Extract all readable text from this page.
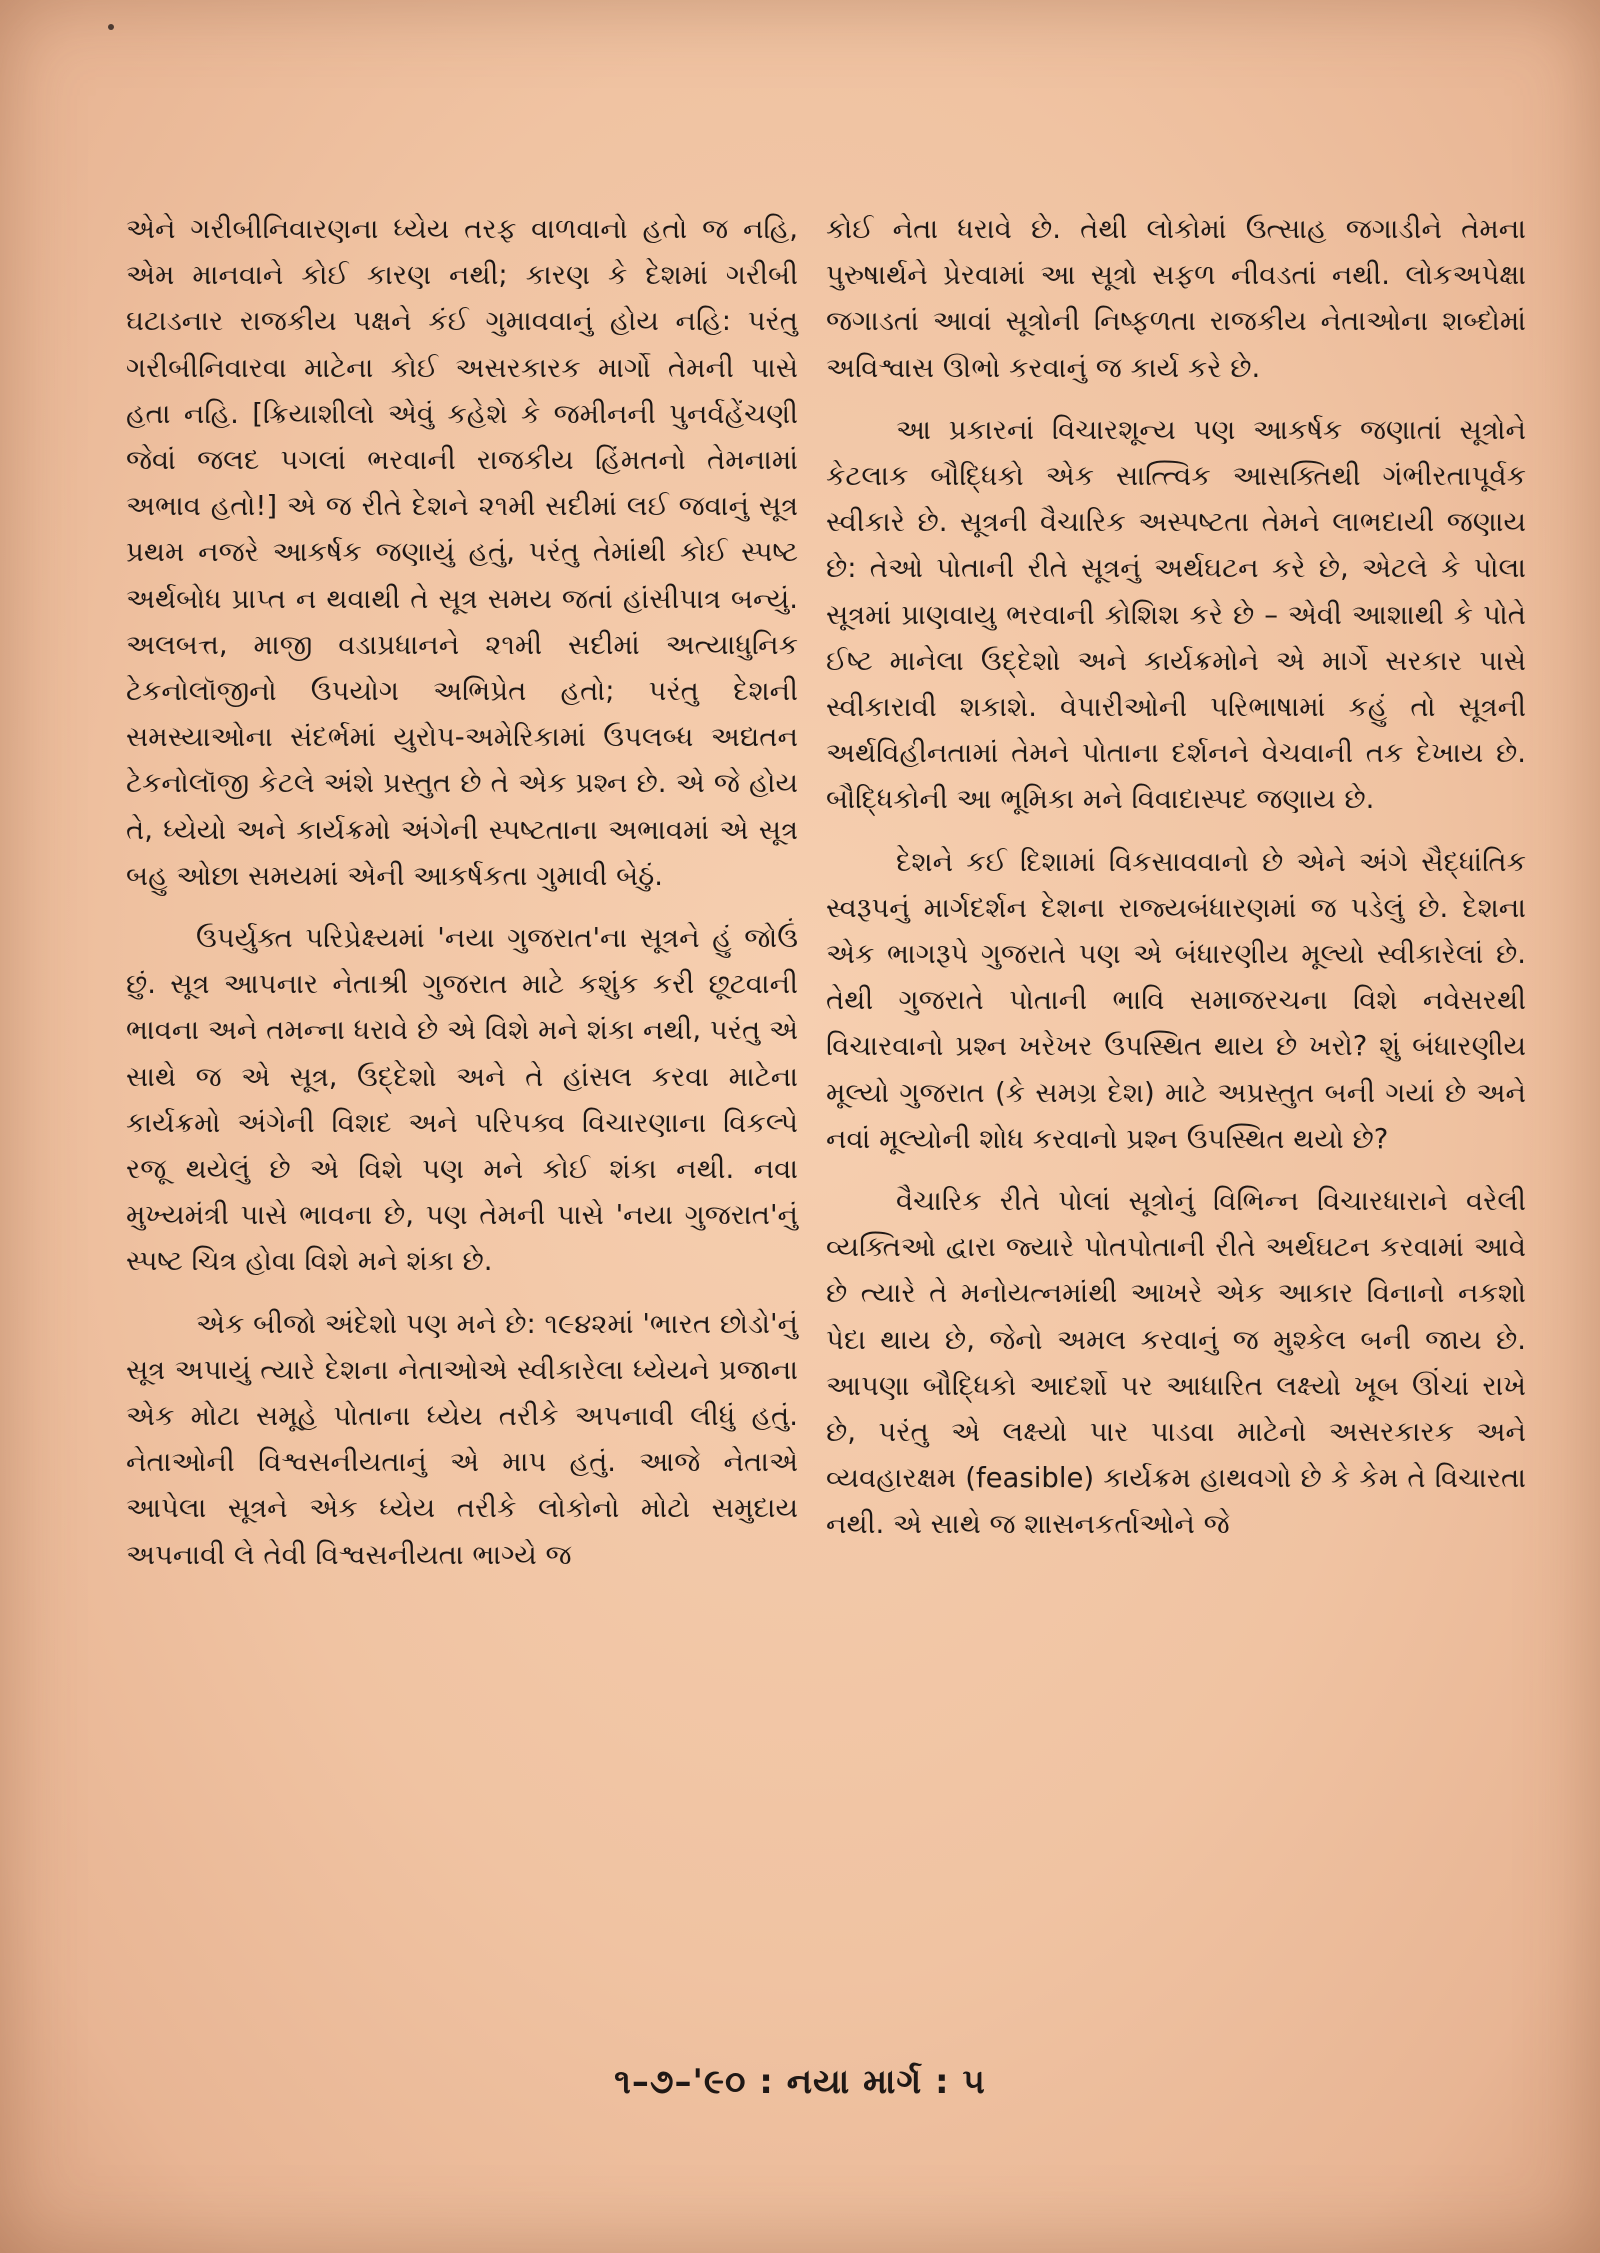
એને ગરીબીનિવારણના ધ્યેય તરફ વાળવાનો હતો જ નહિ, એમ માનવાને કોઈ કારણ નથી; કારણ કે દેશમાં ગરીબી ઘટાડનાર રાજકીય પક્ષને કંઈ ગુમાવવાનું હોય નહિ: પરંતુ ગરીબીનિવારવા માટેના કોઈ અસરકારક માર્ગો તેમની પાસે હતા નહિ. [ક્રિયાશીલો એવું કહેશે કે જમીનની પુનર્વહેંચણી જેવાં જલદ પગલાં ભરવાની રાજકીય હિંમતનો તેમનામાં અભાવ હતો!] એ જ રીતે દેશને ૨૧મી સદીમાં લઈ જવાનું સૂત્ર પ્રથમ નજરે આકર્ષક જણાયું હતું, પરંતુ તેમાંથી કોઈ સ્પષ્ટ અર્થબોધ પ્રાપ્ત ન થવાથી તે સૂત્ર સમય જતાં હાંસીપાત્ર બન્યું. અલબત્ત, માજી વડાપ્રધાનને ૨૧મી સદીમાં અત્યાધુનિક ટેકનોલૉજીનો ઉપયોગ અભિપ્રેત હતો; પરંતુ દેશની સમસ્યાઓના સંદર્ભમાં યુરોપ-અમેરિકામાં ઉપલબ્ધ અદ્યતન ટેકનોલૉજી કેટલે અંશે પ્રસ્તુત છે તે એક પ્રશ્ન છે. એ જે હોય તે, ધ્યેયો અને કાર્યક્રમો અંગેની સ્પષ્ટતાના અભાવમાં એ સૂત્ર બહુ ઓછા સમયમાં એની આકર્ષકતા ગુમાવી બેઠું.

ઉપર્યુક્ત પરિપ્રેક્ષ્યમાં 'નયા ગુજરાત'ના સૂત્રને હું જોઉં છું. સૂત્ર આપનાર નેતાશ્રી ગુજરાત માટે કશુંક કરી છૂટવાની ભાવના અને તમન્ના ધરાવે છે એ વિશે મને શંકા નથી, પરંતુ એ સાથે જ એ સૂત્ર, ઉદ્દેશો અને તે હાંસલ કરવા માટેના કાર્યક્રમો અંગેની વિશદ અને પરિપક્વ વિચારણાના વિકલ્પે રજૂ થયેલું છે એ વિશે પણ મને કોઈ શંકા નથી. નવા મુખ્યમંત્રી પાસે ભાવના છે, પણ તેમની પાસે 'નયા ગુજરાત'નું સ્પષ્ટ ચિત્ર હોવા વિશે મને શંકા છે.

એક બીજો અંદેશો પણ મને છે: ૧૯૪૨માં 'ભારત છોડો'નું સૂત્ર અપાયું ત્યારે દેશના નેતાઓએ સ્વીકારેલા ધ્યેયને પ્રજાના એક મોટા સમૂહે પોતાના ધ્યેય તરીકે અપનાવી લીધું હતું. નેતાઓની વિશ્વસનીયતાનું એ માપ હતું. આજે નેતાએ આપેલા સૂત્રને એક ધ્યેય તરીકે લોકોનો મોટો સમુદાય અપનાવી લે તેવી વિશ્વસનીયતા ભાગ્યે જ

કોઈ નેતા ધરાવે છે. તેથી લોકોમાં ઉત્સાહ જગાડીને તેમના પુરુષાર્થને પ્રેરવામાં આ સૂત્રો સફળ નીવડતાં નથી. લોકઅપેક્ષા જગાડતાં આવાં સૂત્રોની નિષ્ફળતા રાજકીય નેતાઓના શબ્દોમાં અવિશ્વાસ ઊભો કરવાનું જ કાર્ય કરે છે.

આ પ્રકારનાં વિચારશૂન્ય પણ આકર્ષક જણાતાં સૂત્રોને કેટલાક બૌદ્ધિકો એક સાત્ત્વિક આસક્તિથી ગંભીરતાપૂર્વક સ્વીકારે છે. સૂત્રની વૈચારિક અસ્પષ્ટતા તેમને લાભદાયી જણાય છે: તેઓ પોતાની રીતે સૂત્રનું અર્થઘટન કરે છે, એટલે કે પોલા સૂત્રમાં પ્રાણવાયુ ભરવાની કોશિશ કરે છે – એવી આશાથી કે પોતે ઈષ્ટ માનેલા ઉદ્દેશો અને કાર્યક્રમોને એ માર્ગે સરકાર પાસે સ્વીકારાવી શકાશે. વેપારીઓની પરિભાષામાં કહું તો સૂત્રની અર્થવિહીનતામાં તેમને પોતાના દર્શનને વેચવાની તક દેખાય છે. બૌદ્ધિકોની આ ભૂમિકા મને વિવાદાસ્પદ જણાય છે.

દેશને કઈ દિશામાં વિકસાવવાનો છે એને અંગે સૈદ્ધાંતિક સ્વરૂપનું માર્ગદર્શન દેશના રાજ્યબંધારણમાં જ પડેલું છે. દેશના એક ભાગરૂપે ગુજરાતે પણ એ બંધારણીય મૂલ્યો સ્વીકારેલાં છે. તેથી ગુજરાતે પોતાની ભાવિ સમાજરચના વિશે નવેસરથી વિચારવાનો પ્રશ્ન ખરેખર ઉપસ્થિત થાય છે ખરો? શું બંધારણીય મૂલ્યો ગુજરાત (કે સમગ્ર દેશ) માટે અપ્રસ્તુત બની ગયાં છે અને નવાં મૂલ્યોની શોધ કરવાનો પ્રશ્ન ઉપસ્થિત થયો છે?

વૈચારિક રીતે પોલાં સૂત્રોનું વિભિન્ન વિચારધારાને વરેલી વ્યક્તિઓ દ્વારા જ્યારે પોતપોતાની રીતે અર્થઘટન કરવામાં આવે છે ત્યારે તે મનોયત્નમાંથી આખરે એક આકાર વિનાનો નકશો પેદા થાય છે, જેનો અમલ કરવાનું જ મુશ્કેલ બની જાય છે. આપણા બૌદ્ધિકો આદર્શો પર આધારિત લક્ષ્યો ખૂબ ઊંચાં રાખે છે, પરંતુ એ લક્ષ્યો પાર પાડવા માટેનો અસરકારક અને વ્યવહારક્ષમ (feasible) કાર્યક્રમ હાથવગો છે કે કેમ તે વિચારતા નથી. એ સાથે જ શાસનકર્તાઓને જે

૧–૭–'૯૦ : નયા માર્ગ : ૫
